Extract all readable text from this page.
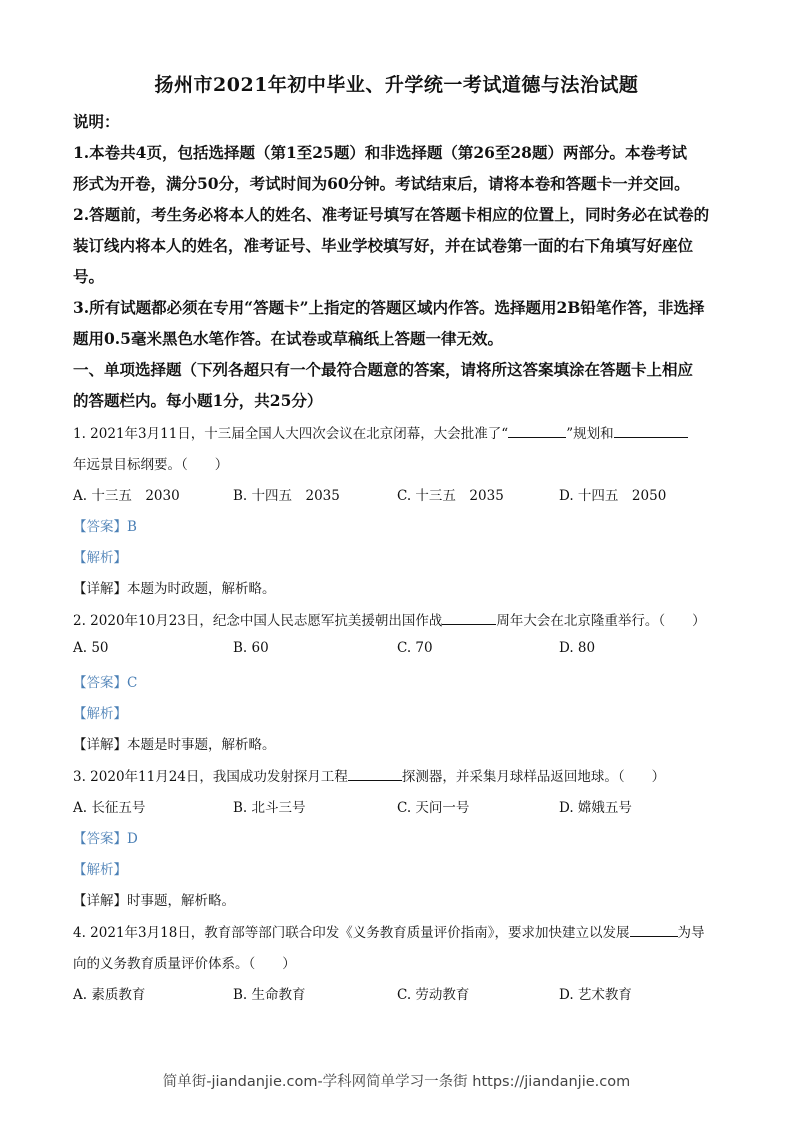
扬州市2021年初中毕业、升学统一考试道德与法治试题
说明：
1.本卷共4页，包括选择题（第1至25题）和非选择题（第26至28题）两部分。本卷考试
形式为开卷，满分50分，考试时间为60分钟。考试结束后，请将本卷和答题卡一并交回。
2.答题前，考生务必将本人的姓名、准考证号填写在答题卡相应的位置上，同时务必在试卷的
装订线内将本人的姓名，准考证号、毕业学校填写好，并在试卷第一面的右下角填写好座位
号。
3.所有试题都必须在专用“答题卡”上指定的答题区域内作答。选择题用2B铅笔作答，非选择
题用0.5毫米黑色水笔作答。在试卷或草稿纸上答题一律无效。
一、单项选择题（下列各超只有一个最符合题意的答案，请将所这答案填涂在答题卡上相应
的答题栏内。每小题1分，共25分）
1. 2021年3月11日，十三届全国人大四次会议在北京闭幕，大会批准了“	”规划和
年远景目标纲要。（　　）
A. 十三五　2030	B. 十四五　2035	C. 十三五　2035	D. 十四五　2050
【答案】B
【解析】
【详解】本题为时政题，解析略。
2. 2020年10月23日，纪念中国人民志愿军抗美援朝出国作战	周年大会在北京隆重举行。（　　）
A. 50	B. 60	C. 70	D. 80
【答案】C
【解析】
【详解】本题是时事题，解析略。
3. 2020年11月24日，我国成功发射探月工程	探测器，并采集月球样品返回地球。（　　）
A. 长征五号	B. 北斗三号	C. 天问一号	D. 嫦娥五号
【答案】D
【解析】
【详解】时事题，解析略。
4. 2021年3月18日，教育部等部门联合印发《义务教育质量评价指南》，要求加快建立以发展	为导
向的义务教育质量评价体系。（　　）
A. 素质教育	B. 生命教育	C. 劳动教育	D. 艺术教育
简单街-jiandanjie.com-学科网简单学习一条街 https://jiandanjie.com
